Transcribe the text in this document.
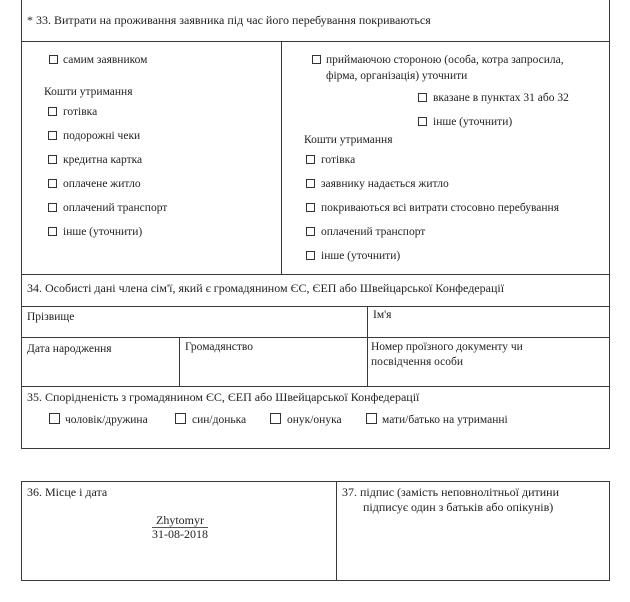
* 33. Витрати на проживання заявника під час його перебування покриваються
самим заявником
Кошти утримання
готівка
подорожні чеки
кредитна картка
оплачене житло
оплачений транспорт
інше (уточнити)
приймаючою стороною (особа, котра запросила,
фірма, організація) уточнити
вказане в пунктах 31 або 32
інше (уточнити)
Кошти утримання
готівка
заявнику надається житло
покриваються всі витрати стосовно перебування
оплачений транспорт
інше (уточнити)
34. Особисті дані члена сім'ї, який є громадянином ЄС, ЄЕП або Швейцарської Конфедерації
Прізвище	Ім'я
Дата народження	Громадянство	Номер проїзного документу чи
посвідчення особи
35. Спорідненість з громадянином ЄС, ЄЕП або Швейцарської Конфедерації
чоловік/дружина	син/донька	онук/онука	мати/батько на утриманні
36. Місце і дата
Zhytomyr
31-08-2018
37. підпис (замість неповнолітньої дитини
підписує один з батьків або опікунів)
